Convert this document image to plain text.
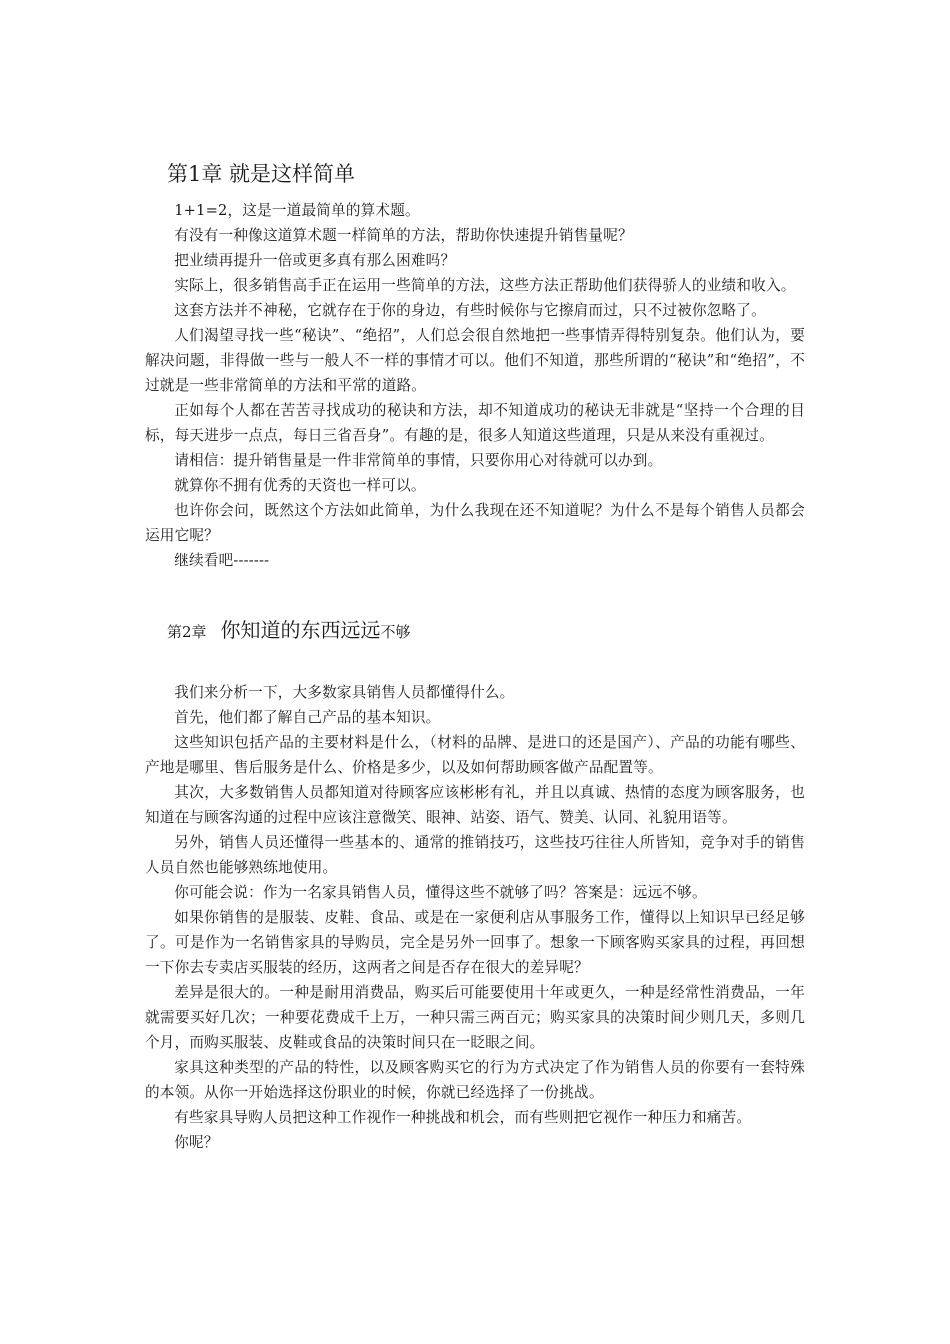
第1章 就是这样简单

1+1=2，这是一道最简单的算术题。

有没有一种像这道算术题一样简单的方法，帮助你快速提升销售量呢？

把业绩再提升一倍或更多真有那么困难吗？

实际上，很多销售高手正在运用一些简单的方法，这些方法正帮助他们获得骄人的业绩和收入。

这套方法并不神秘，它就存在于你的身边，有些时候你与它擦肩而过，只不过被你忽略了。

人们渴望寻找一些“秘诀”、“绝招”，人们总会很自然地把一些事情弄得特别复杂。他们认为，要解决问题，非得做一些与一般人不一样的事情才可以。他们不知道，那些所谓的“秘诀”和“绝招”，不过就是一些非常简单的方法和平常的道路。

正如每个人都在苦苦寻找成功的秘诀和方法，却不知道成功的秘诀无非就是“坚持一个合理的目标，每天进步一点点，每日三省吾身”。有趣的是，很多人知道这些道理，只是从来没有重视过。

请相信：提升销售量是一件非常简单的事情，只要你用心对待就可以办到。

就算你不拥有优秀的天资也一样可以。

也许你会问，既然这个方法如此简单，为什么我现在还不知道呢？为什么不是每个销售人员都会运用它呢？

继续看吧-------

第2章 你知道的东西远远不够

我们来分析一下，大多数家具销售人员都懂得什么。

首先，他们都了解自己产品的基本知识。

这些知识包括产品的主要材料是什么，（材料的品牌、是进口的还是国产）、产品的功能有哪些、产地是哪里、售后服务是什么、价格是多少，以及如何帮助顾客做产品配置等。

其次，大多数销售人员都知道对待顾客应该彬彬有礼，并且以真诚、热情的态度为顾客服务，也知道在与顾客沟通的过程中应该注意微笑、眼神、站姿、语气、赞美、认同、礼貌用语等。

另外，销售人员还懂得一些基本的、通常的推销技巧，这些技巧往往人所皆知，竞争对手的销售人员自然也能够熟练地使用。

你可能会说：作为一名家具销售人员，懂得这些不就够了吗？答案是：远远不够。

如果你销售的是服装、皮鞋、食品、或是在一家便利店从事服务工作，懂得以上知识早已经足够了。可是作为一名销售家具的导购员，完全是另外一回事了。想象一下顾客购买家具的过程，再回想一下你去专卖店买服装的经历，这两者之间是否存在很大的差异呢？

差异是很大的。一种是耐用消费品，购买后可能要使用十年或更久，一种是经常性消费品，一年就需要买好几次；一种要花费成千上万，一种只需三两百元；购买家具的决策时间少则几天，多则几个月，而购买服装、皮鞋或食品的决策时间只在一眨眼之间。

家具这种类型的产品的特性，以及顾客购买它的行为方式决定了作为销售人员的你要有一套特殊的本领。从你一开始选择这份职业的时候，你就已经选择了一份挑战。

有些家具导购人员把这种工作视作一种挑战和机会，而有些则把它视作一种压力和痛苦。

你呢？
